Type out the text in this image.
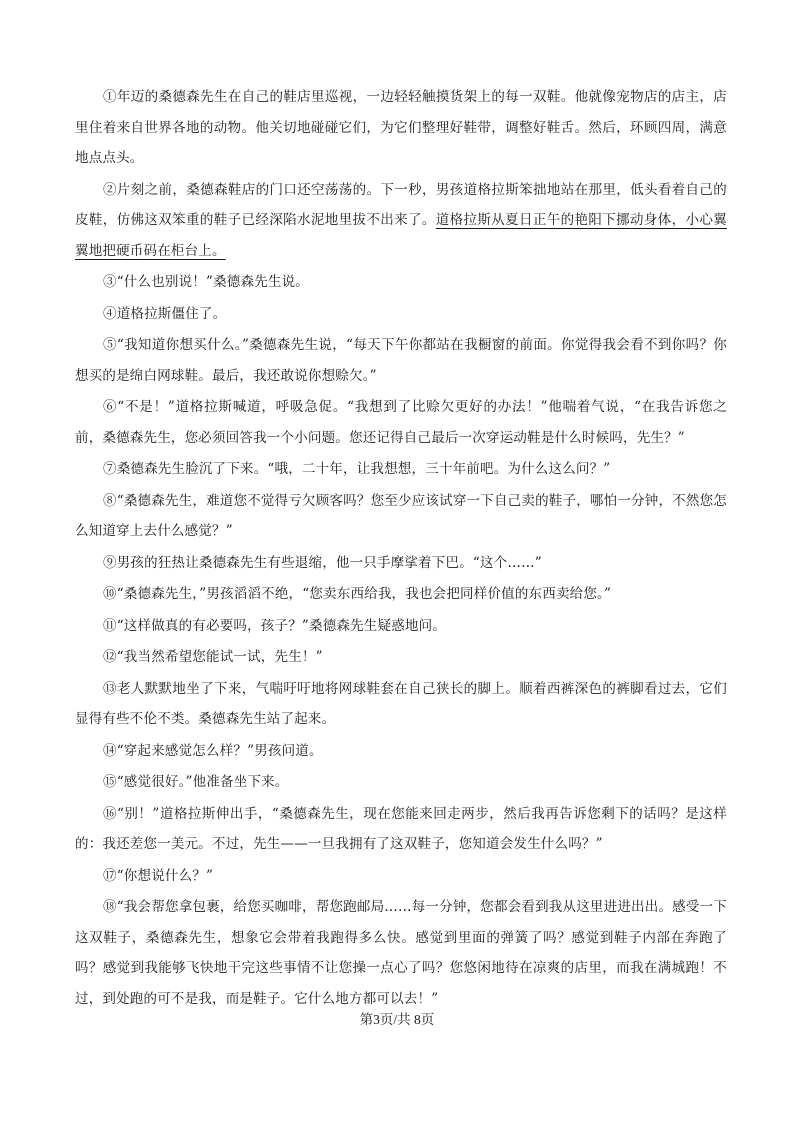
①年迈的桑德森先生在自己的鞋店里巡视，一边轻轻触摸货架上的每一双鞋。他就像宠物店的店主，店里住着来自世界各地的动物。他关切地碰碰它们，为它们整理好鞋带，调整好鞋舌。然后，环顾四周，满意地点点头。

②片刻之前，桑德森鞋店的门口还空荡荡的。下一秒，男孩道格拉斯笨拙地站在那里，低头看着自己的皮鞋，仿佛这双笨重的鞋子已经深陷水泥地里拔不出来了。道格拉斯从夏日正午的艳阳下挪动身体，小心翼翼地把硬币码在柜台上。

③“什么也别说！”桑德森先生说。

④道格拉斯僵住了。

⑤“我知道你想买什么。”桑德森先生说，“每天下午你都站在我橱窗的前面。你觉得我会看不到你吗？你想买的是绵白网球鞋。最后，我还敢说你想赊欠。”

⑥“不是！”道格拉斯喊道，呼吸急促。“我想到了比赊欠更好的办法！”他喘着气说，“在我告诉您之前，桑德森先生，您必须回答我一个小问题。您还记得自己最后一次穿运动鞋是什么时候吗，先生？”

⑦桑德森先生脸沉了下来。“哦，二十年，让我想想，三十年前吧。为什么这么问？”

⑧“桑德森先生，难道您不觉得亏欠顾客吗？您至少应该试穿一下自己卖的鞋子，哪怕一分钟，不然您怎么知道穿上去什么感觉？”

⑨男孩的狂热让桑德森先生有些退缩，他一只手摩挲着下巴。“这个……”

⑩“桑德森先生，”男孩滔滔不绝，“您卖东西给我，我也会把同样价值的东西卖给您。”

⑪“这样做真的有必要吗，孩子？”桑德森先生疑惑地问。

⑫“我当然希望您能试一试，先生！”

⑬老人默默地坐了下来，气喘吁吁地将网球鞋套在自己狭长的脚上。顺着西裤深色的裤脚看过去，它们显得有些不伦不类。桑德森先生站了起来。

⑭“穿起来感觉怎么样？”男孩问道。

⑮“感觉很好。”他准备坐下来。

⑯“别！”道格拉斯伸出手，“桑德森先生，现在您能来回走两步，然后我再告诉您剩下的话吗？是这样的：我还差您一美元。不过，先生——一旦我拥有了这双鞋子，您知道会发生什么吗？”

⑰“你想说什么？”

⑱“我会帮您拿包裹，给您买咖啡，帮您跑邮局……每一分钟，您都会看到我从这里进进出出。感受一下这双鞋子，桑德森先生，想象它会带着我跑得多么快。感觉到里面的弹簧了吗？感觉到鞋子内部在奔跑了吗？感觉到我能够飞快地干完这些事情不让您操一点心了吗？您悠闲地待在凉爽的店里，而我在满城跑！不过，到处跑的可不是我，而是鞋子。它什么地方都可以去！”

第3页/共 8页
